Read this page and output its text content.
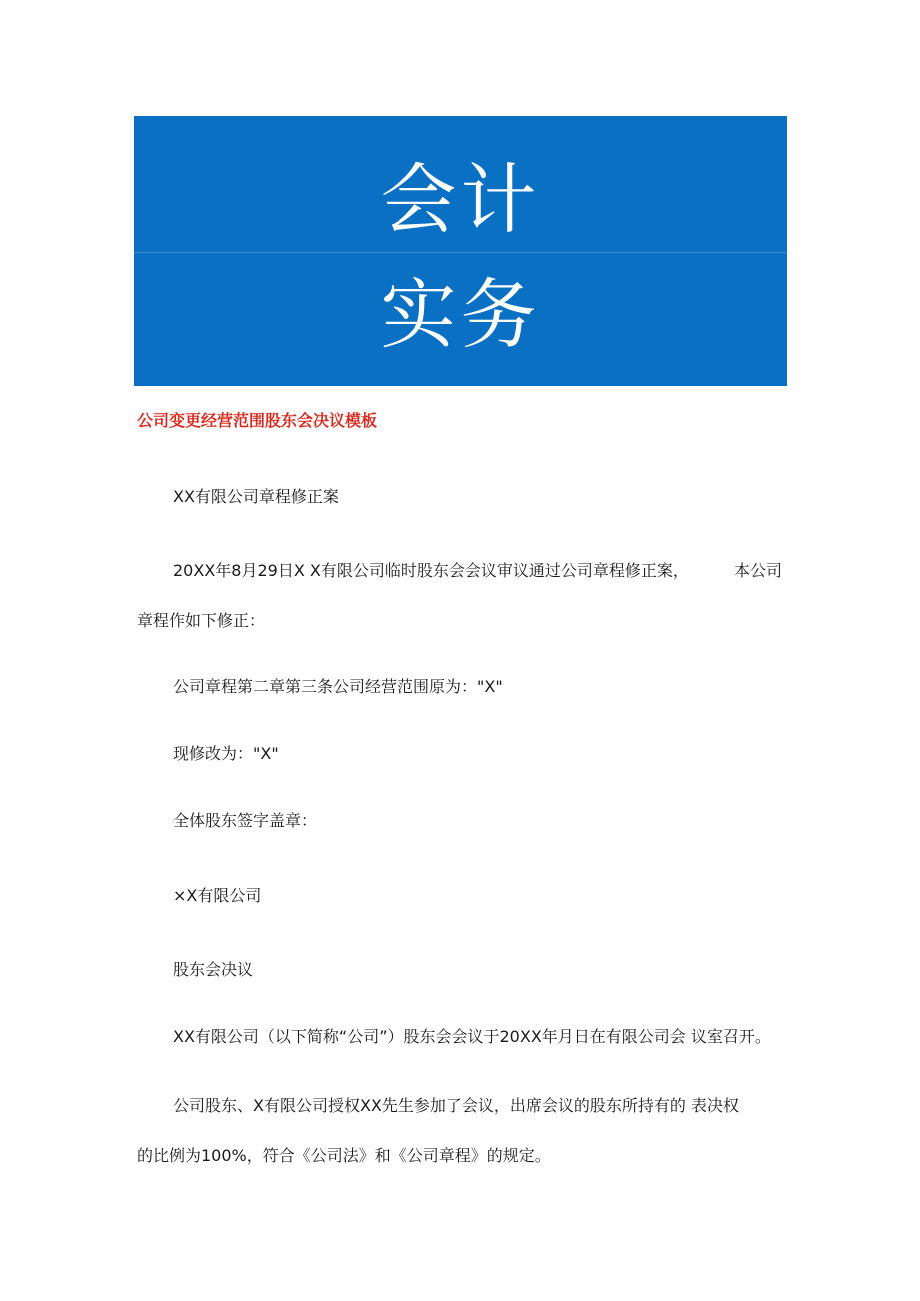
会计
实务
公司变更经营范围股东会决议模板
XX有限公司章程修正案
20XX年8月29日X X有限公司临时股东会会议审议通过公司章程修正案，	本公司
章程作如下修正：
公司章程第二章第三条公司经营范围原为："X"
现修改为："X"
全体股东签字盖章：
×X有限公司
股东会决议
XX有限公司（以下简称“公司”）股东会会议于20XX年月日在有限公司会 议室召开。
公司股东、X有限公司授权XX先生参加了会议，出席会议的股东所持有的 表决权
的比例为100%，符合《公司法》和《公司章程》的规定。
